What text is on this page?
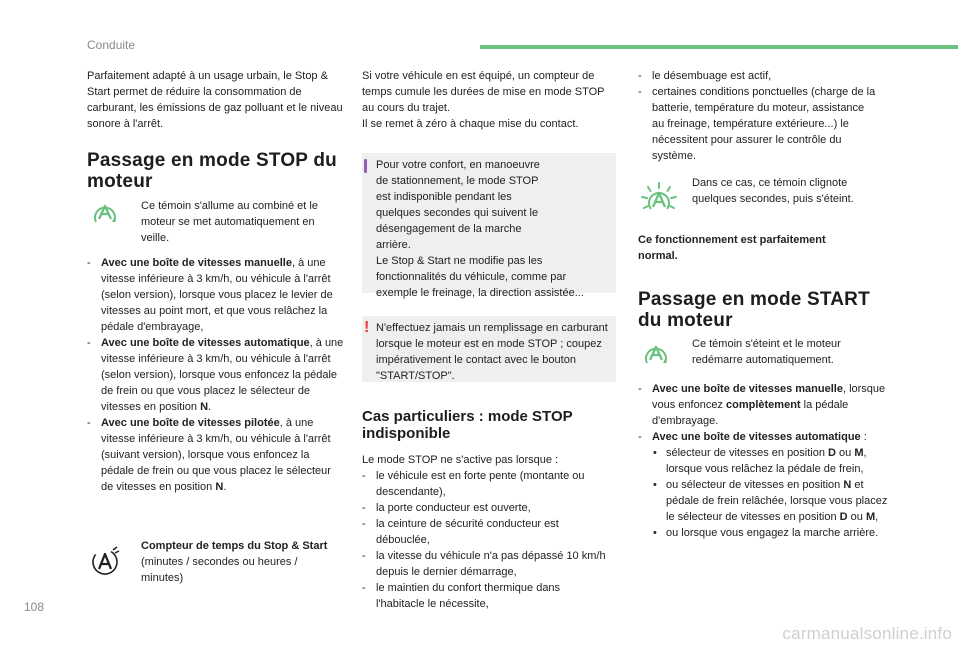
Conduite

Parfaitement adapté à un usage urbain, le Stop & Start permet de réduire la consommation de carburant, les émissions de gaz polluant et le niveau sonore à l'arrêt.

Passage en mode STOP du
moteur

Ce témoin s'allume au combiné et le moteur se met automatiquement en veille.

- Avec une boîte de vitesses manuelle, à une vitesse inférieure à 3 km/h, ou véhicule à l'arrêt (selon version), lorsque vous placez le levier de vitesses au point mort, et que vous relâchez la pédale d'embrayage,
- Avec une boîte de vitesses automatique, à une vitesse inférieure à 3 km/h, ou véhicule à l'arrêt (selon version), lorsque vous enfoncez la pédale de frein ou que vous placez le sélecteur de vitesses en position N.
- Avec une boîte de vitesses pilotée, à une vitesse inférieure à 3 km/h, ou véhicule à l'arrêt (suivant version), lorsque vous enfoncez la pédale de frein ou que vous placez le sélecteur de vitesses en position N.

Compteur de temps du Stop & Start

(minutes / secondes ou heures / minutes)

Si votre véhicule en est équipé, un compteur de temps cumule les durées de mise en mode STOP au cours du trajet.

Il se remet à zéro à chaque mise du contact.

Pour votre confort, en manoeuvre de stationnement, le mode STOP est indisponible pendant les quelques secondes qui suivent le désengagement de la marche arrière.

Le Stop & Start ne modifie pas les fonctionnalités du véhicule, comme par exemple le freinage, la direction assistée...

! N'effectuez jamais un remplissage en carburant lorsque le moteur est en mode STOP ; coupez impérativement le contact avec le bouton "START/STOP".

Cas particuliers : mode STOP
indisponible

Le mode STOP ne s'active pas lorsque :

- le véhicule est en forte pente (montante ou descendante),
- la porte conducteur est ouverte,
- la ceinture de sécurité conducteur est débouclée,
- la vitesse du véhicule n'a pas dépassé 10 km/h depuis le dernier démarrage,
- le maintien du confort thermique dans l'habitacle le nécessite,
- le désembuage est actif,
- certaines conditions ponctuelles (charge de la batterie, température du moteur, assistance au freinage, température extérieure...) le nécessitent pour assurer le contrôle du système.

Dans ce cas, ce témoin clignote quelques secondes, puis s'éteint.

Ce fonctionnement est parfaitement normal.

Passage en mode START
du moteur

Ce témoin s'éteint et le moteur redémarre automatiquement.

- Avec une boîte de vitesses manuelle, lorsque vous enfoncez complètement la pédale d'embrayage.
- Avec une boîte de vitesses automatique :
• sélecteur de vitesses en position D ou M, lorsque vous relâchez la pédale de frein,
• ou sélecteur de vitesses en position N et pédale de frein relâchée, lorsque vous placez le sélecteur de vitesses en position D ou M,
• ou lorsque vous engagez la marche arrière.
108
carmanualsonline.info
